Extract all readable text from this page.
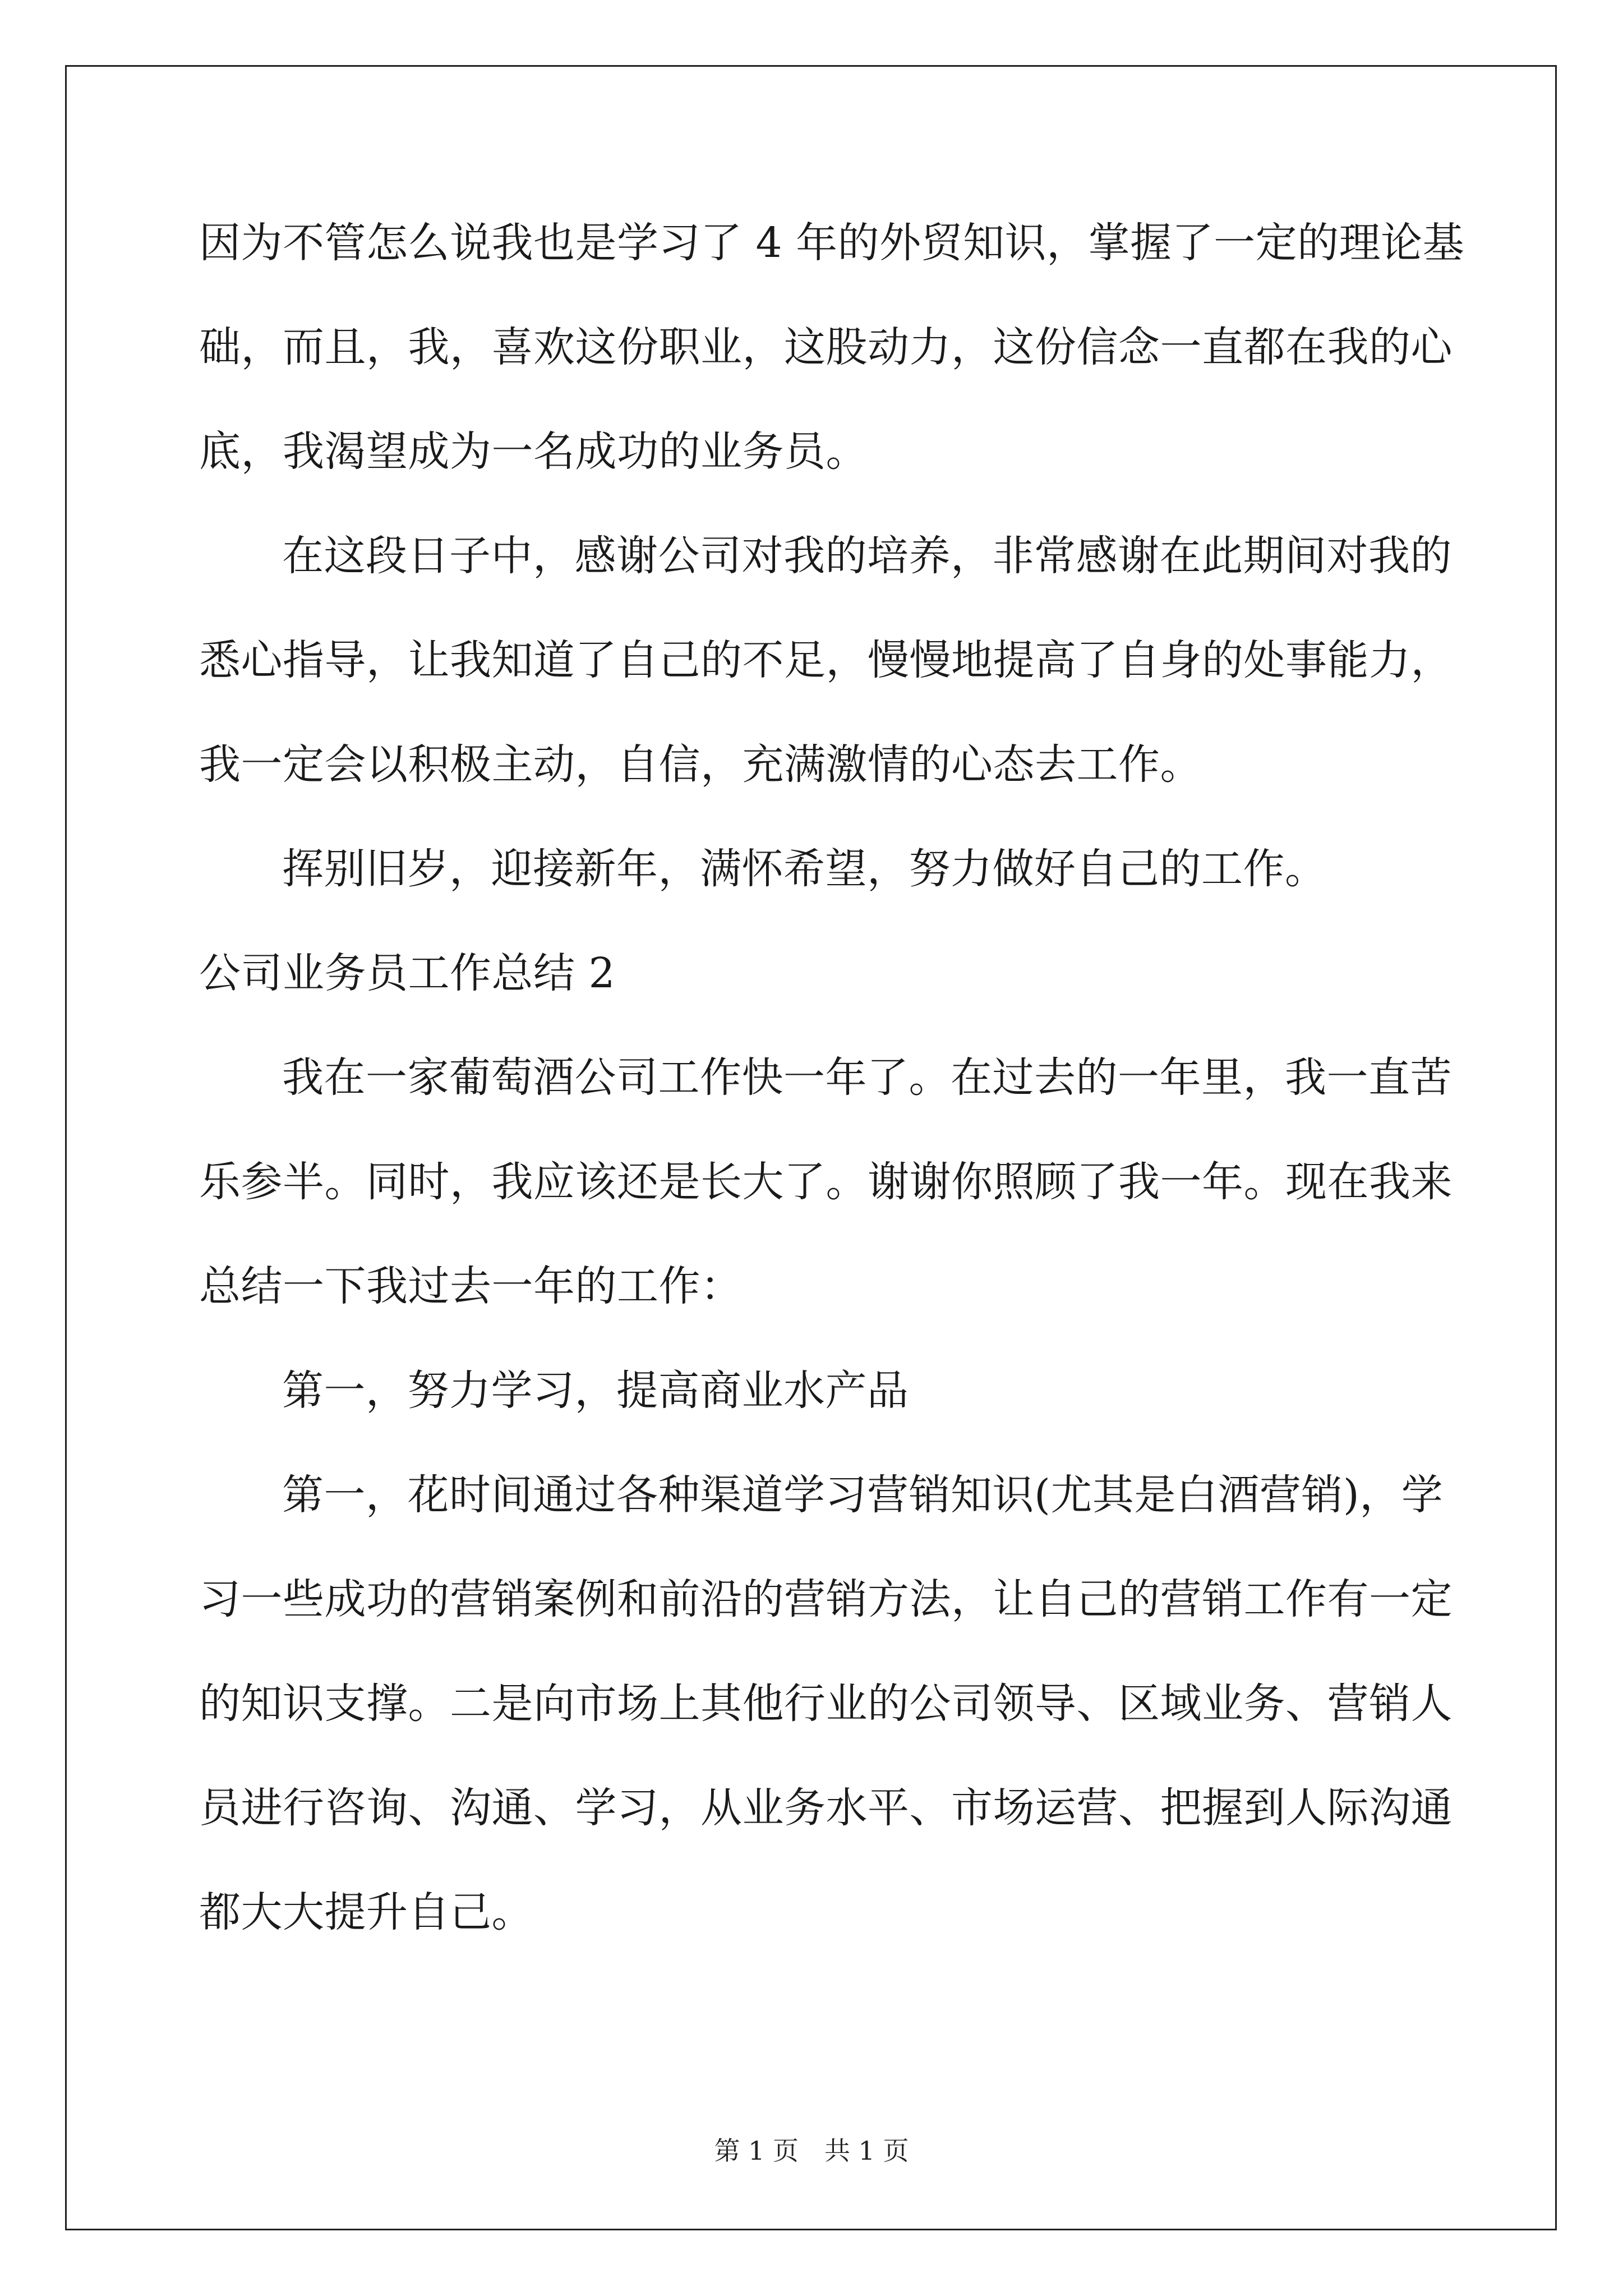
因为不管怎么说我也是学习了 4 年的外贸知识，掌握了一定的理论基
础，而且，我，喜欢这份职业，这股动力，这份信念一直都在我的心
底，我渴望成为一名成功的业务员。
在这段日子中，感谢公司对我的培养，非常感谢在此期间对我的
悉心指导，让我知道了自己的不足，慢慢地提高了自身的处事能力，
我一定会以积极主动，自信，充满激情的心态去工作。
挥别旧岁，迎接新年，满怀希望，努力做好自己的工作。
公司业务员工作总结 2
我在一家葡萄酒公司工作快一年了。在过去的一年里，我一直苦
乐参半。同时，我应该还是长大了。谢谢你照顾了我一年。现在我来
总结一下我过去一年的工作：
第一，努力学习，提高商业水产品
第一，花时间通过各种渠道学习营销知识(尤其是白酒营销)，学
习一些成功的营销案例和前沿的营销方法，让自己的营销工作有一定
的知识支撑。二是向市场上其他行业的公司领导、区域业务、营销人
员进行咨询、沟通、学习，从业务水平、市场运营、把握到人际沟通
都大大提升自己。
第 1 页　共 1 页
